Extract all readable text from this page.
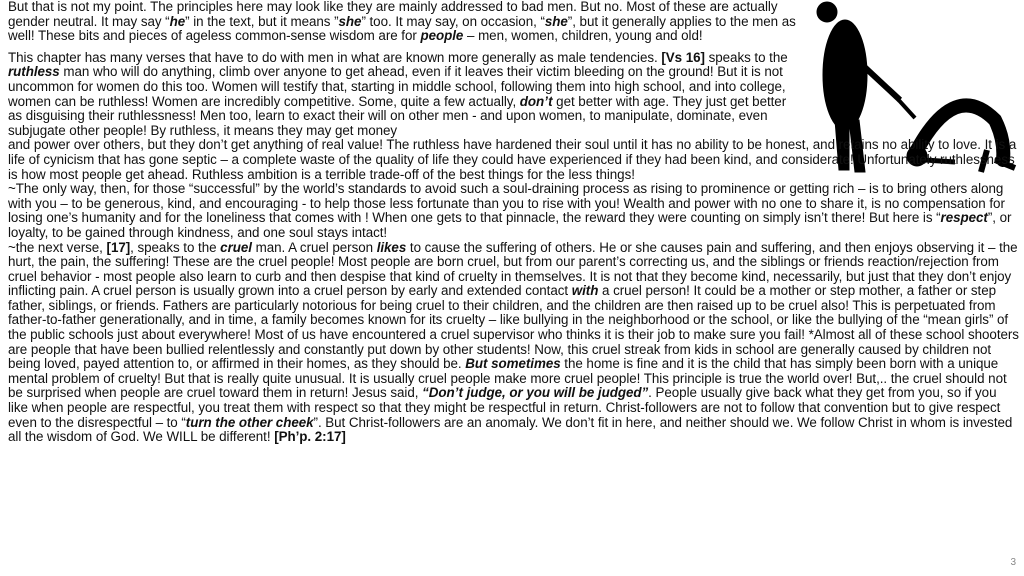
But that is not my point. The principles here may look like they are mainly addressed to bad men. But no. Most of these are actually gender neutral. It may say “he” in the text, but it means ”she” too. It may say, on occasion, “she”, but it generally applies to the men as well! These bits and pieces of ageless common-sense wisdom are for people – men, women, children, young and old!

This chapter has many verses that have to do with men in what are known more generally as male tendencies. [Vs 16] speaks to the ruthless man who will do anything, climb over anyone to get ahead, even if it leaves their victim bleeding on the ground! But it is not uncommon for women do this too. Women will testify that, starting in middle school, following them into high school, and into college, women can be ruthless! Women are incredibly competitive. Some, quite a few actually, don’t get better with age. They just get better as disguising their ruthlessness! Men too, learn to exact their will on other men - and upon women, to manipulate, dominate, even subjugate other people! By ruthless, it means they may get money

and power over others, but they don’t get anything of real value! The ruthless have hardened their soul until it has no ability to be honest, and retains no ability to love. It is a life of cynicism that has gone septic – a complete waste of the quality of life they could have experienced if they had been kind, and considerate! Unfortunately ruthlessness is how most people get ahead. Ruthless ambition is a terrible trade-off of the best things for the less things!

~The only way, then, for those “successful” by the world’s standards to avoid such a soul-draining process as rising to prominence or getting rich – is to bring others along with you – to be generous, kind, and encouraging - to help those less fortunate than you to rise with you! Wealth and power with no one to share it, is no compensation for losing one’s humanity and for the loneliness that comes with ! When one gets to that pinnacle, the reward they were counting on simply isn’t there! But here is “respect”, or loyalty, to be gained through kindness, and one soul stays intact!

~the next verse, [17], speaks to the cruel man. A cruel person likes to cause the suffering of others. He or she causes pain and suffering, and then enjoys observing it – the hurt, the pain, the suffering! These are the cruel people! Most people are born cruel, but from our parent’s correcting us, and the siblings or friends reaction/rejection from cruel behavior - most people also learn to curb and then despise that kind of cruelty in themselves. It is not that they become kind, necessarily, but just that they don’t enjoy inflicting pain. A cruel person is usually grown into a cruel person by early and extended contact with a cruel person! It could be a mother or step mother, a father or step father, siblings, or friends. Fathers are particularly notorious for being cruel to their children, and the children are then raised up to be cruel also! This is perpetuated from father-to-father generationally, and in time, a family becomes known for its cruelty – like bullying in the neighborhood or the school, or like the bullying of the “mean girls” of the public schools just about everywhere! Most of us have encountered a cruel supervisor who thinks it is their job to make sure you fail! *Almost all of these school shooters are people that have been bullied relentlessly and constantly put down by other students! Now, this cruel streak from kids in school are generally caused by children not being loved, payed attention to, or affirmed in their homes, as they should be. But sometimes the home is fine and it is the child that has simply been born with a unique mental problem of cruelty! But that is really quite unusual. It is usually cruel people make more cruel people! This principle is true the world over! But,.. the cruel should not be surprised when people are cruel toward them in return! Jesus said, “Don’t judge, or you will be judged”. People usually give back what they get from you, so if you like when people are respectful, you treat them with respect so that they might be respectful in return. Christ-followers are not to follow that convention but to give respect even to the disrespectful – to “turn the other cheek”. But Christ-followers are an anomaly. We don’t fit in here, and neither should we. We follow Christ in whom is invested all the wisdom of God. We WILL be different! [Ph’p. 2:17]

3
